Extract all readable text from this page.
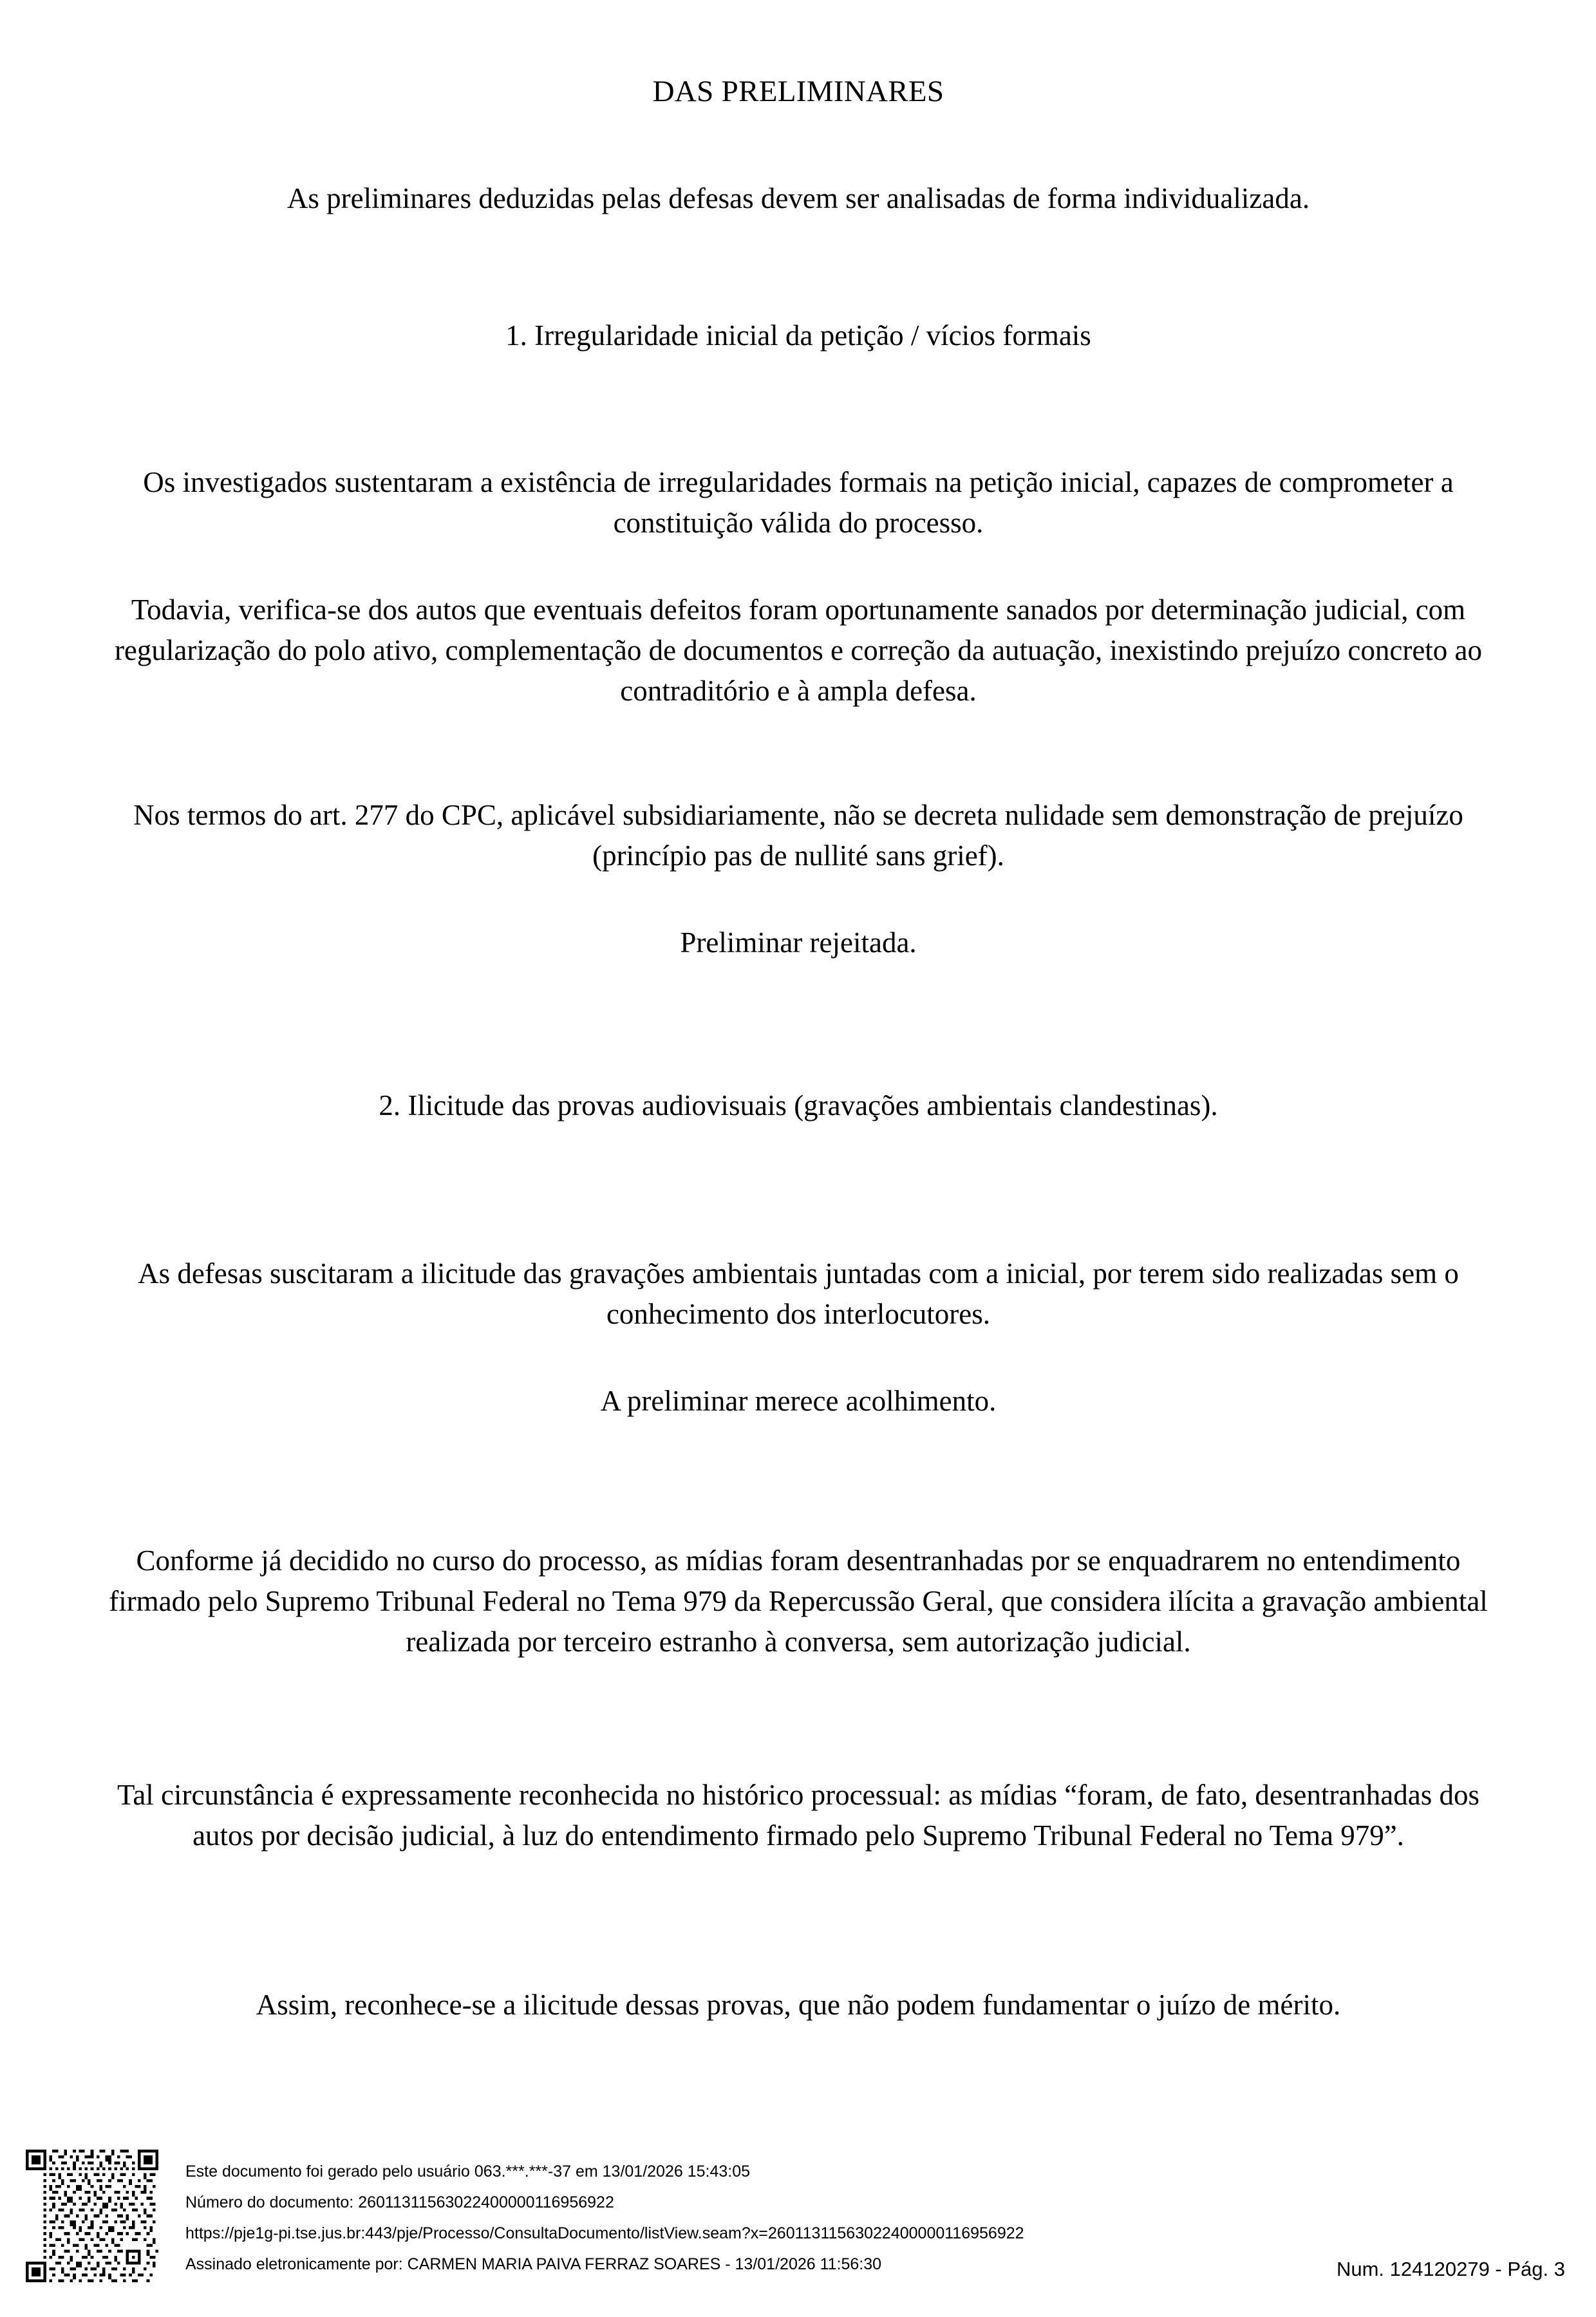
DAS PRELIMINARES

As preliminares deduzidas pelas defesas devem ser analisadas de forma individualizada.

1. Irregularidade inicial da petição / vícios formais

Os investigados sustentaram a existência de irregularidades formais na petição inicial, capazes de comprometer a constituição válida do processo.

Todavia, verifica-se dos autos que eventuais defeitos foram oportunamente sanados por determinação judicial, com regularização do polo ativo, complementação de documentos e correção da autuação, inexistindo prejuízo concreto ao contraditório e à ampla defesa.

Nos termos do art. 277 do CPC, aplicável subsidiariamente, não se decreta nulidade sem demonstração de prejuízo (princípio pas de nullité sans grief).

Preliminar rejeitada.

2. Ilicitude das provas audiovisuais (gravações ambientais clandestinas).

As defesas suscitaram a ilicitude das gravações ambientais juntadas com a inicial, por terem sido realizadas sem o conhecimento dos interlocutores.

A preliminar merece acolhimento.

Conforme já decidido no curso do processo, as mídias foram desentranhadas por se enquadrarem no entendimento firmado pelo Supremo Tribunal Federal no Tema 979 da Repercussão Geral, que considera ilícita a gravação ambiental realizada por terceiro estranho à conversa, sem autorização judicial.

Tal circunstância é expressamente reconhecida no histórico processual: as mídias “foram, de fato, desentranhadas dos autos por decisão judicial, à luz do entendimento firmado pelo Supremo Tribunal Federal no Tema 979”.

Assim, reconhece-se a ilicitude dessas provas, que não podem fundamentar o juízo de mérito.

Este documento foi gerado pelo usuário 063.***.***-37 em 13/01/2026 15:43:05
Número do documento: 26011311563022400000116956922
https://pje1g-pi.tse.jus.br:443/pje/Processo/ConsultaDocumento/listView.seam?x=26011311563022400000116956922
Assinado eletronicamente por: CARMEN MARIA PAIVA FERRAZ SOARES - 13/01/2026 11:56:30	Num. 124120279 - Pág. 3
